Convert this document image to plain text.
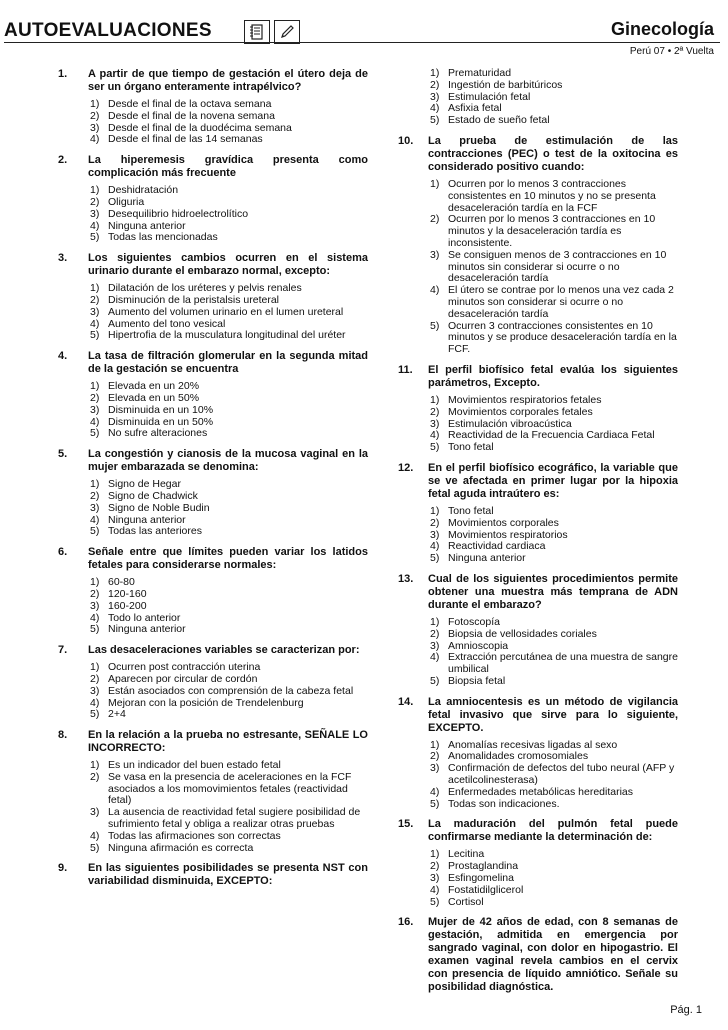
AUTOEVALUACIONES	Ginecología
Perú 07 • 2ª Vuelta
1. A partir de que tiempo de gestación el útero deja de ser un órgano enteramente intrapélvico?
1) Desde el final de la octava semana
2) Desde el final de la novena semana
3) Desde el final de la duodécima semana
4) Desde el final de las 14 semanas
2. La hiperemesis gravídica presenta como complicación más frecuente
1) Deshidratación
2) Oliguria
3) Desequilibrio hidroelectrolítico
4) Ninguna anterior
5) Todas las mencionadas
3. Los siguientes cambios ocurren en el sistema urinario durante el embarazo normal, excepto:
1) Dilatación de los uréteres y pelvis renales
2) Disminución de la peristalsis ureteral
3) Aumento del volumen urinario en el lumen ureteral
4) Aumento del tono vesical
5) Hipertrofia de la musculatura longitudinal del uréter
4. La tasa de filtración glomerular en la segunda mitad de la gestación se encuentra
1) Elevada en un 20%
2) Elevada en un 50%
3) Disminuida en un 10%
4) Disminuida en un 50%
5) No sufre alteraciones
5. La congestión y cianosis de la mucosa vaginal en la mujer embarazada se denomina:
1) Signo de Hegar
2) Signo de Chadwick
3) Signo de Noble Budin
4) Ninguna anterior
5) Todas las anteriores
6. Señale entre que límites pueden variar los latidos fetales para considerarse normales:
1) 60-80
2) 120-160
3) 160-200
4) Todo lo anterior
5) Ninguna anterior
7. Las desaceleraciones variables se caracterizan por:
1) Ocurren post contracción uterina
2) Aparecen por circular de cordón
3) Están asociados con comprensión de la cabeza fetal
4) Mejoran con la posición de Trendelenburg
5) 2+4
8. En la relación a la prueba no estresante, SEÑALE LO INCORRECTO:
1) Es un indicador del buen estado fetal
2) Se vasa en la presencia de aceleraciones en la FCF asociados a los momovimientos fetales (reactividad fetal)
3) La ausencia de reactividad fetal sugiere posibilidad de sufrimiento fetal y obliga a realizar otras pruebas
4) Todas las afirmaciones son correctas
5) Ninguna afirmación es correcta
9. En las siguientes posibilidades se presenta NST con variabilidad disminuida, EXCEPTO:
1) Prematuridad
2) Ingestión de barbitúricos
3) Estimulación fetal
4) Asfixia fetal
5) Estado de sueño fetal
10. La prueba de estimulación de las contracciones (PEC) o test de la oxitocina es considerado positivo cuando:
1) Ocurren por lo menos 3 contracciones consistentes en 10 minutos y no se presenta desaceleración tardía en la FCF
2) Ocurren por lo menos 3 contracciones en 10 minutos y la desaceleración tardía es inconsistente.
3) Se consiguen menos de 3 contracciones en 10 minutos sin considerar si ocurre o no desaceleración tardía
4) El útero se contrae por lo menos una vez cada 2 minutos son considerar si ocurre o no desaceleración tardía
5) Ocurren 3 contracciones consistentes en 10 minutos y se produce desaceleración tardía en la FCF.
11. El perfil biofísico fetal evalúa los siguientes parámetros, Excepto.
1) Movimientos respiratorios fetales
2) Movimientos corporales fetales
3) Estimulación vibroacústica
4) Reactividad de la Frecuencia Cardiaca Fetal
5) Tono fetal
12. En el perfil biofísico ecográfico, la variable que se ve afectada en primer lugar por la hipoxia fetal aguda intraútero es:
1) Tono fetal
2) Movimientos corporales
3) Movimientos respiratorios
4) Reactividad cardiaca
5) Ninguna anterior
13. Cual de los siguientes procedimientos permite obtener una muestra más temprana de ADN durante el embarazo?
1) Fotoscopía
2) Biopsia de vellosidades coriales
3) Amnioscopia
4) Extracción percutánea de una muestra de sangre umbilical
5) Biopsia fetal
14. La amniocentesis es un método de vigilancia fetal invasivo que sirve para lo siguiente, EXCEPTO.
1) Anomalías recesivas ligadas al sexo
2) Anomalidades cromosomiales
3) Confirmación de defectos del tubo neural (AFP y acetilcolinesterasa)
4) Enfermedades metabólicas hereditarias
5) Todas son indicaciones.
15. La maduración del pulmón fetal puede confirmarse mediante la determinación de:
1) Lecitina
2) Prostaglandina
3) Esfingomelina
4) Fostatidilglicerol
5) Cortisol
16. Mujer de 42 años de edad, con 8 semanas de gestación, admitida en emergencia por sangrado vaginal, con dolor en hipogastrio. El examen vaginal revela cambios en el cervix con presencia de líquido amniótico. Señale su posibilidad diagnóstica.
Pág. 1
